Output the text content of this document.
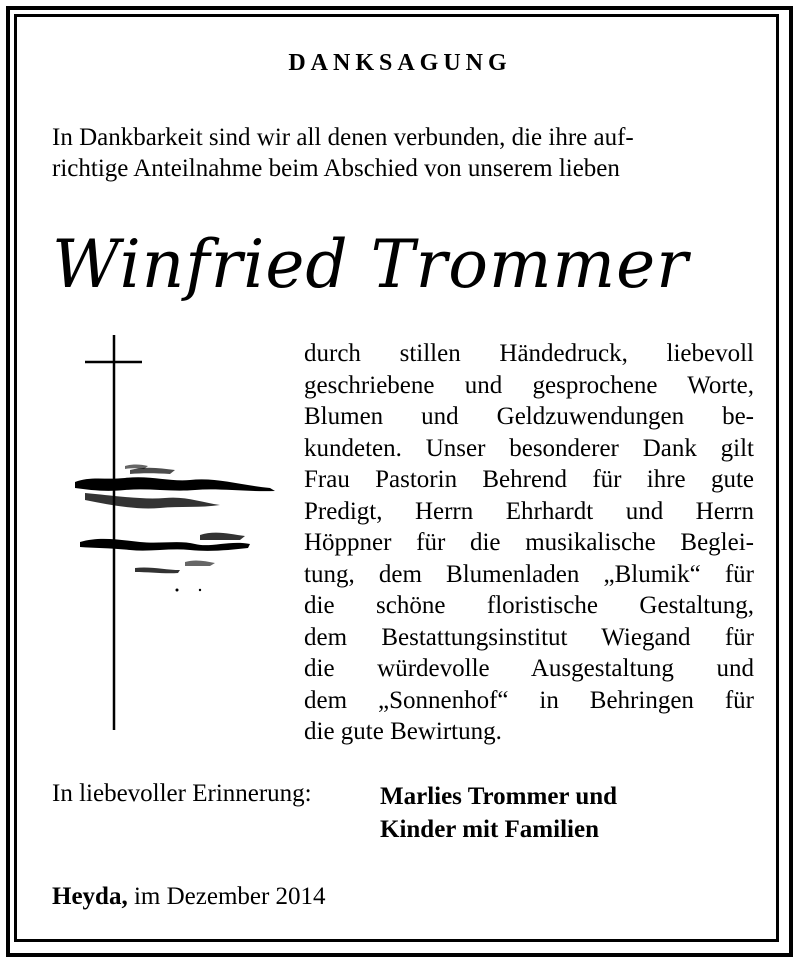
DANKSAGUNG
In Dankbarkeit sind wir all denen verbunden, die ihre auf-
richtige Anteilnahme beim Abschied von unserem lieben
Winfried Trommer
durch stillen Händedruck, liebevoll
geschriebene und gesprochene Worte,
Blumen und Geldzuwendungen be-
kundeten. Unser besonderer Dank gilt
Frau Pastorin Behrend für ihre gute
Predigt, Herrn Ehrhardt und Herrn
Höppner für die musikalische Beglei-
tung, dem Blumenladen „Blumik“ für
die schöne floristische Gestaltung,
dem Bestattungsinstitut Wiegand für
die würdevolle Ausgestaltung und
dem „Sonnenhof“ in Behringen für
die gute Bewirtung.
In liebevoller Erinnerung:	Marlies Trommer und
Kinder mit Familien
Heyda, im Dezember 2014
